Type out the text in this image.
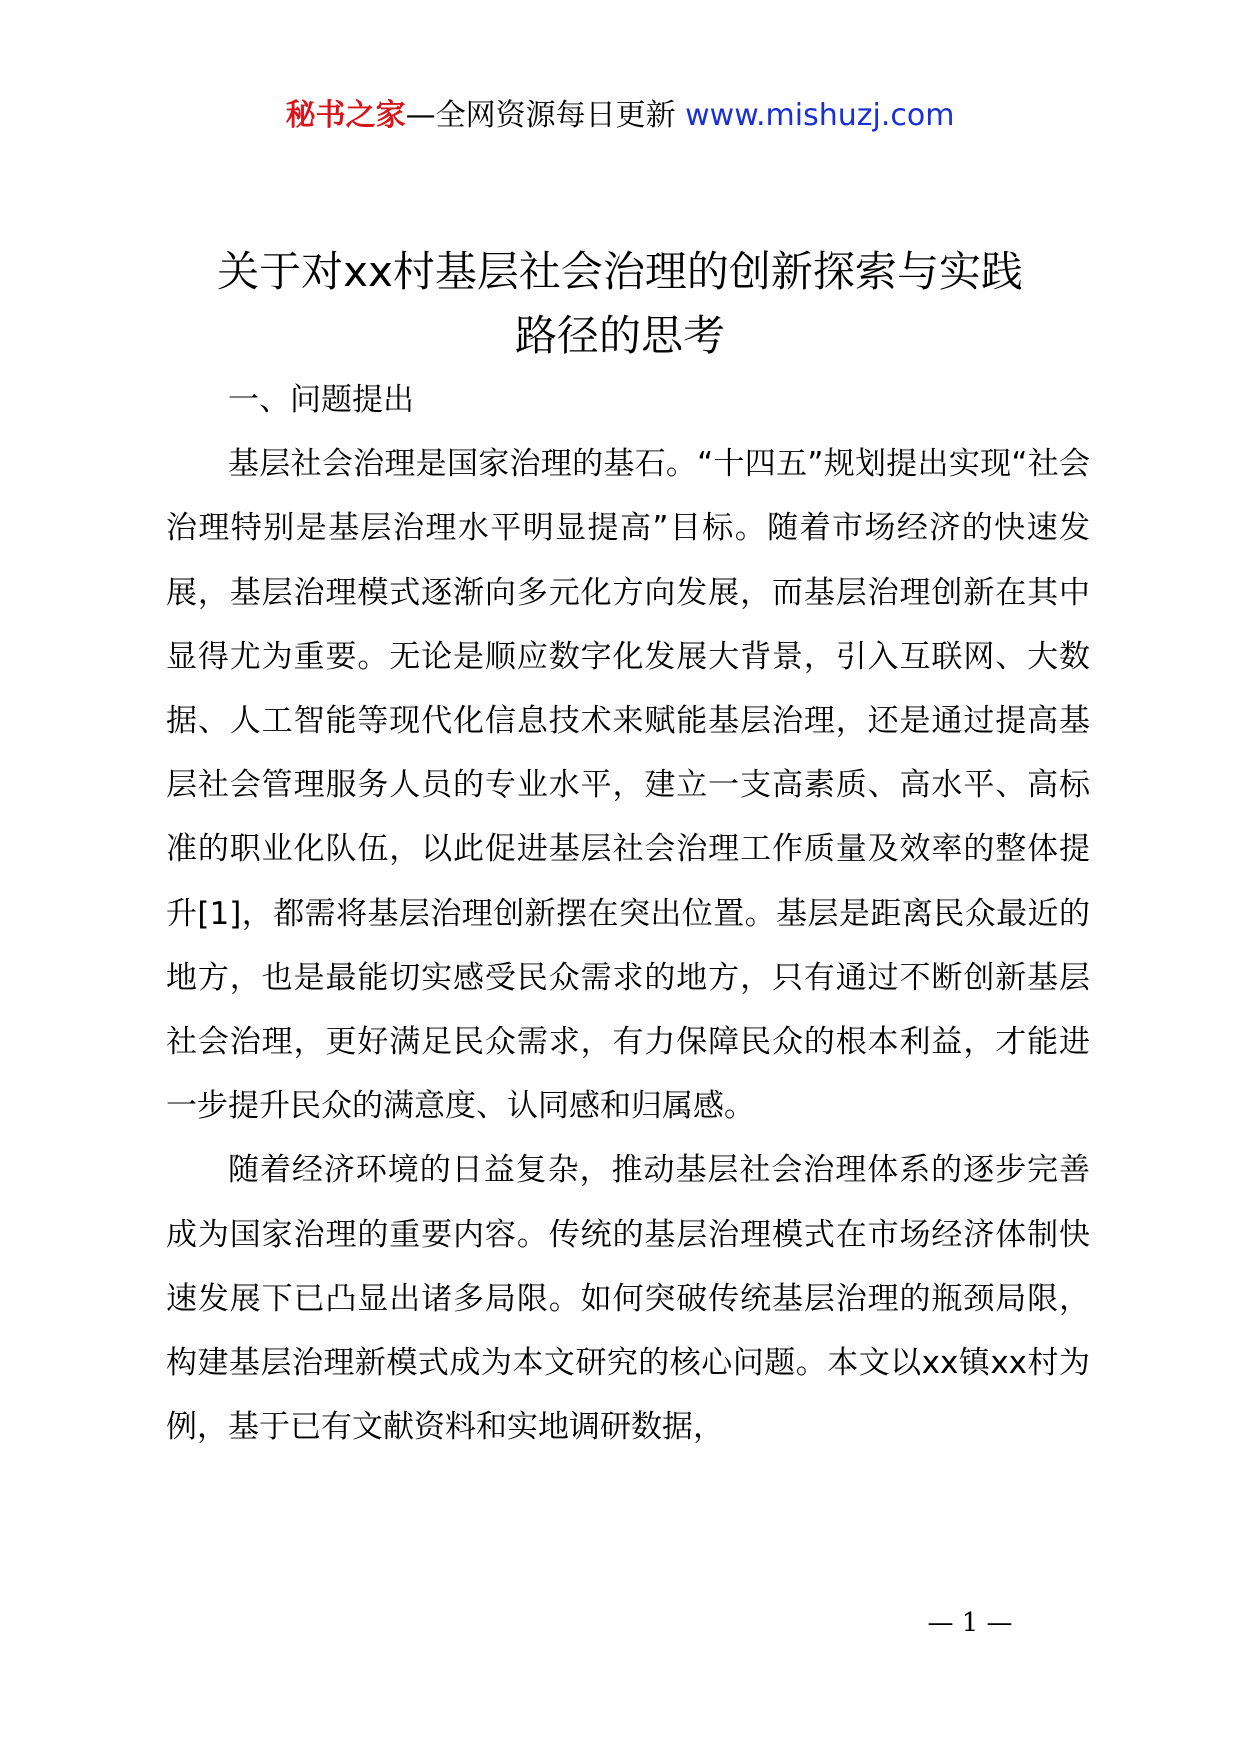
秘书之家—全网资源每日更新 www.mishuzj.com
关于对xx村基层社会治理的创新探索与实践
路径的思考

一、问题提出

基层社会治理是国家治理的基石。“十四五”规划提出实现“社会治理特别是基层治理水平明显提高”目标。随着市场经济的快速发展，基层治理模式逐渐向多元化方向发展，而基层治理创新在其中显得尤为重要。无论是顺应数字化发展大背景，引入互联网、大数据、人工智能等现代化信息技术来赋能基层治理，还是通过提高基层社会管理服务人员的专业水平，建立一支高素质、高水平、高标准的职业化队伍，以此促进基层社会治理工作质量及效率的整体提升[1]，都需将基层治理创新摆在突出位置。基层是距离民众最近的地方，也是最能切实感受民众需求的地方，只有通过不断创新基层社会治理，更好满足民众需求，有力保障民众的根本利益，才能进一步提升民众的满意度、认同感和归属感。

随着经济环境的日益复杂，推动基层社会治理体系的逐步完善成为国家治理的重要内容。传统的基层治理模式在市场经济体制快速发展下已凸显出诸多局限。如何突破传统基层治理的瓶颈局限，构建基层治理新模式成为本文研究的核心问题。本文以xx镇xx村为例，基于已有文献资料和实地调研数据，

— 1 —
